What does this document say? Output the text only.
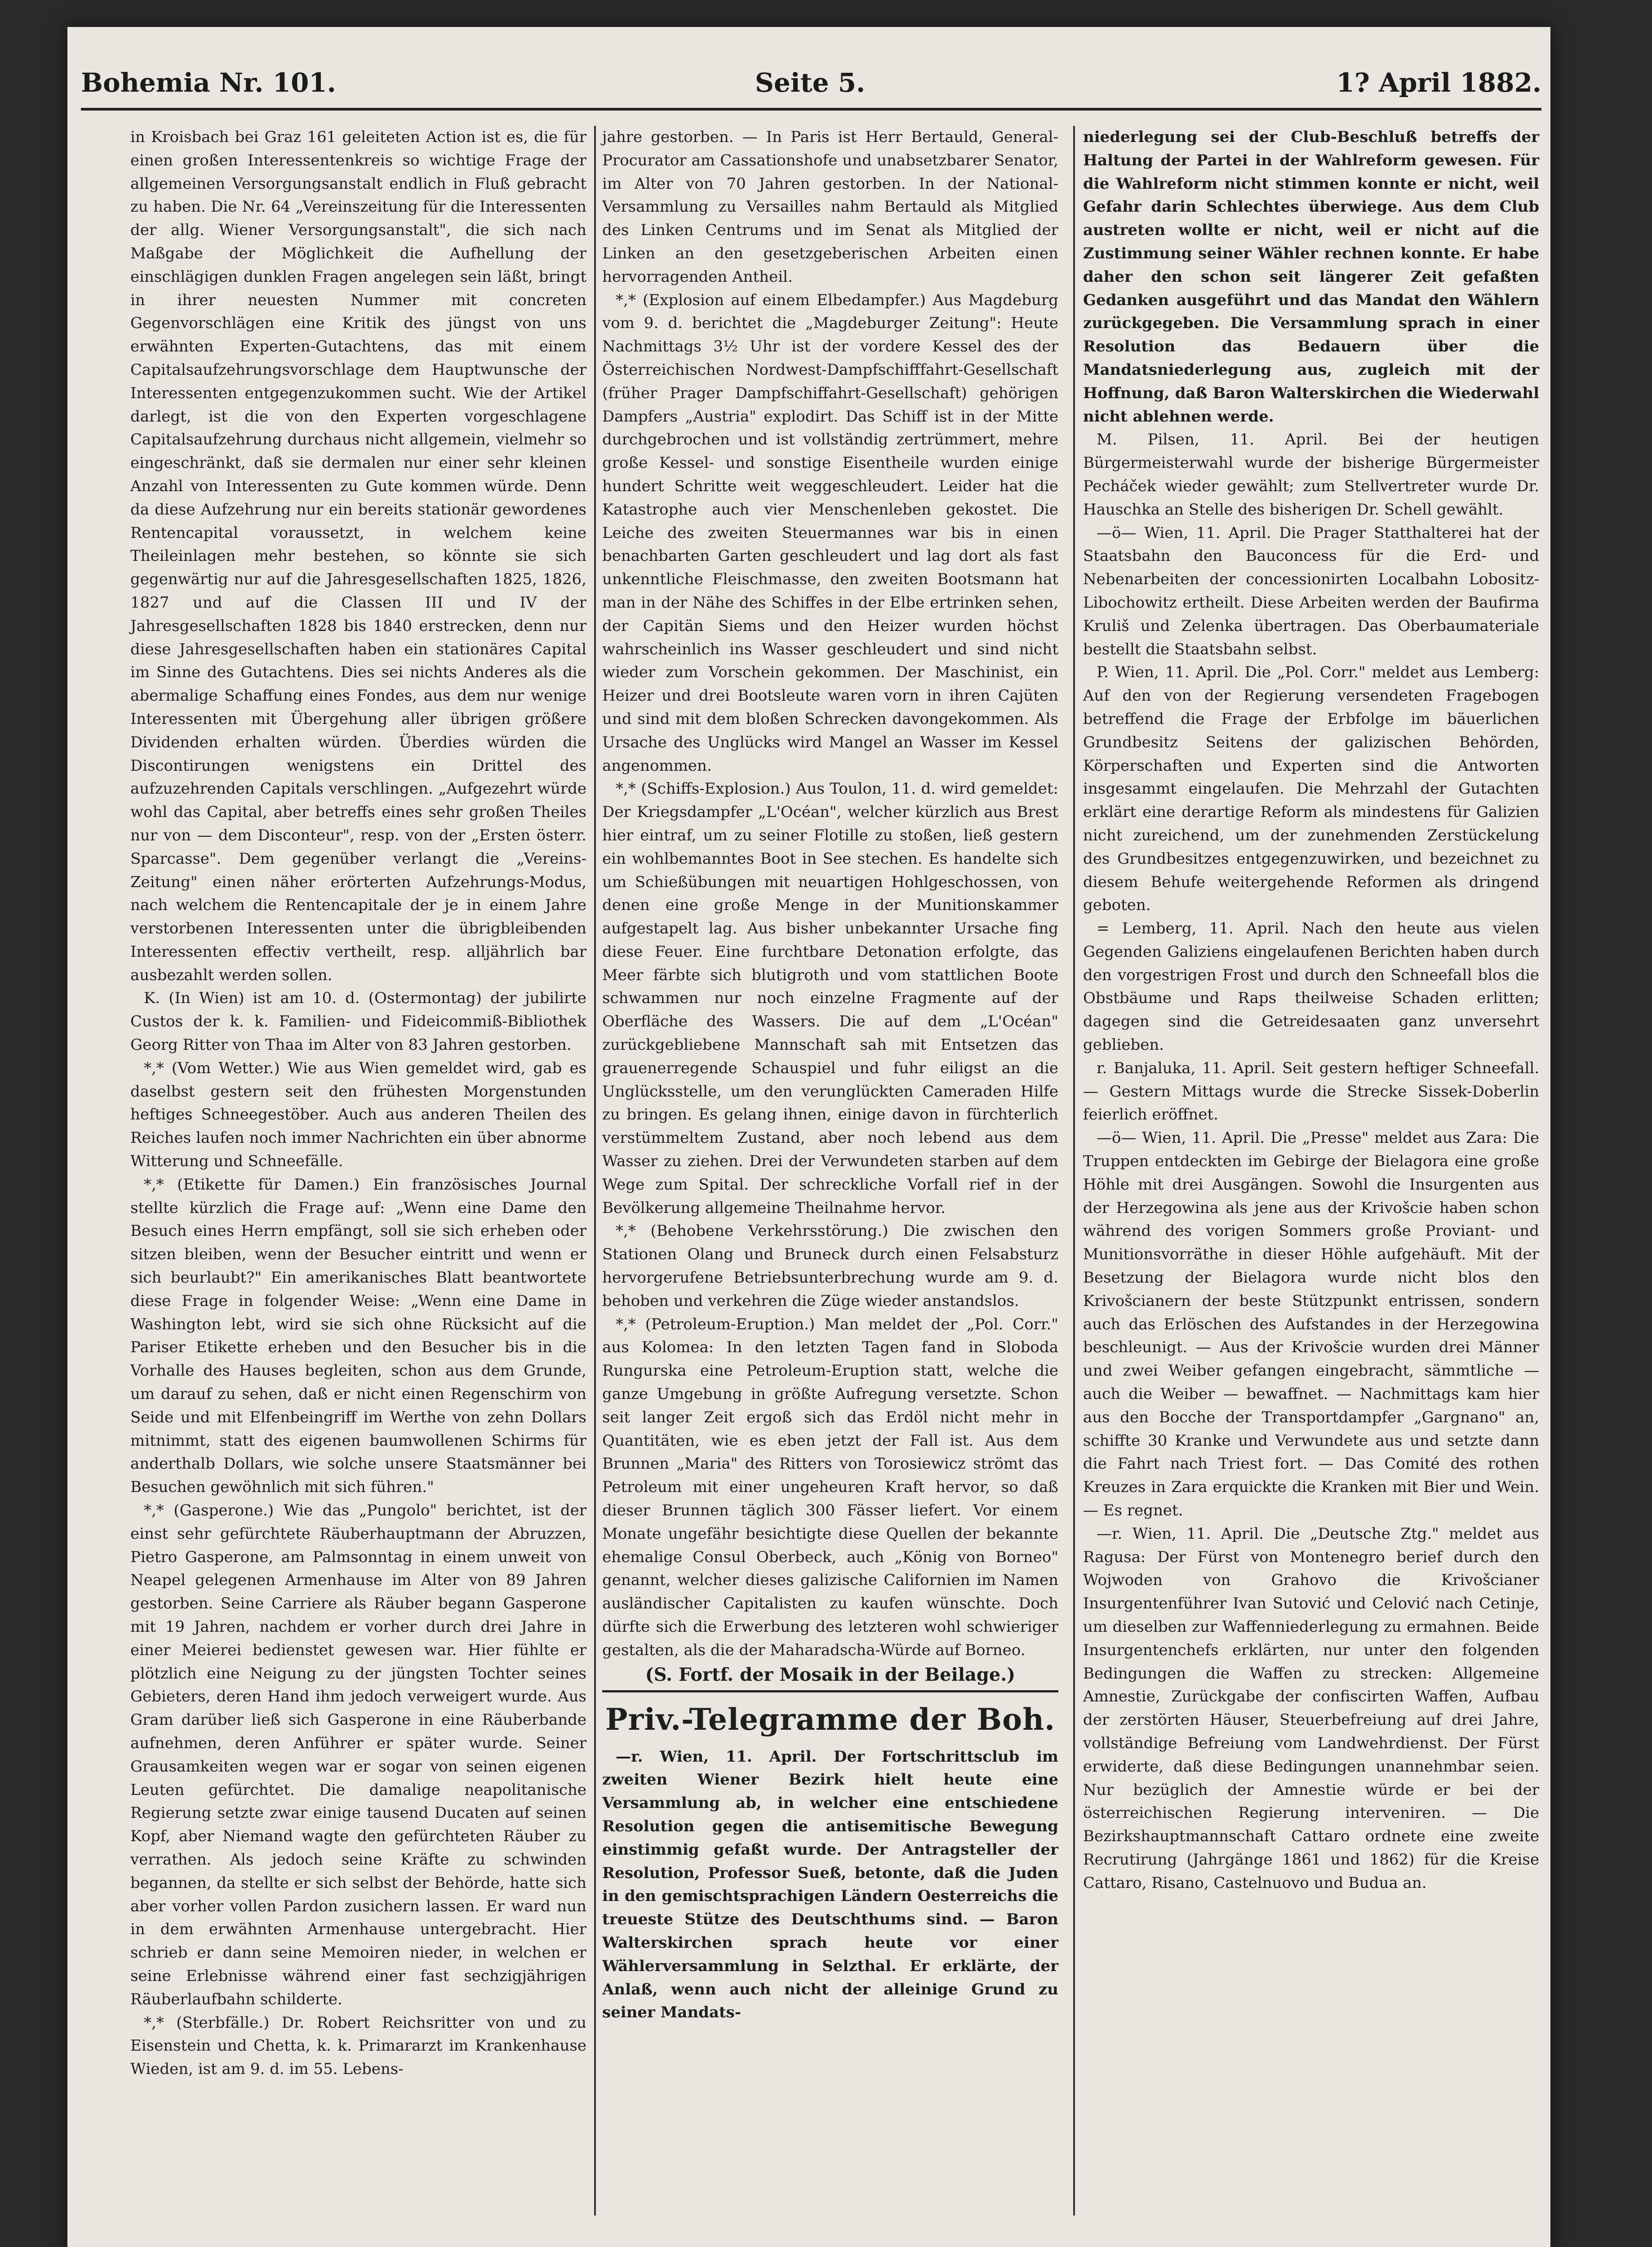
Bohemia Nr. 101.	Seite 5.	1? April 1882.

in Kroisbach bei Graz 161 geleiteten Action ist es, die für einen großen Interessentenkreis so wichtige Frage der allgemeinen Versorgungsanstalt endlich in Fluß gebracht zu haben. Die Nr. 64 „Vereinszeitung für die Interessenten der allg. Wiener Versorgungsanstalt", die sich nach Maßgabe der Möglichkeit die Aufhellung der einschlägigen dunklen Fragen angelegen sein läßt, bringt in ihrer neuesten Nummer mit concreten Gegenvorschlägen eine Kritik des jüngst von uns erwähnten Experten-Gutachtens, das mit einem Capitalsaufzehrungsvorschlage dem Hauptwunsche der Interessenten entgegenzukommen sucht. Wie der Artikel darlegt, ist die von den Experten vorgeschlagene Capitalsaufzehrung durchaus nicht allgemein, vielmehr so eingeschränkt, daß sie dermalen nur einer sehr kleinen Anzahl von Interessenten zu Gute kommen würde. Denn da diese Aufzehrung nur ein bereits stationär gewordenes Rentencapital voraussetzt, in welchem keine Theileinlagen mehr bestehen, so könnte sie sich gegenwärtig nur auf die Jahresgesellschaften 1825, 1826, 1827 und auf die Classen III und IV der Jahresgesellschaften 1828 bis 1840 erstrecken, denn nur diese Jahresgesellschaften haben ein stationäres Capital im Sinne des Gutachtens. Dies sei nichts Anderes als die abermalige Schaffung eines Fondes, aus dem nur wenige Interessenten mit Übergehung aller übrigen größere Dividenden erhalten würden. Überdies würden die Discontirungen wenigstens ein Drittel des aufzuzehrenden Capitals verschlingen. „Aufgezehrt würde wohl das Capital, aber betreffs eines sehr großen Theiles nur von — dem Disconteur", resp. von der „Ersten österr. Sparcasse". Dem gegenüber verlangt die „Vereins-Zeitung" einen näher erörterten Aufzehrungs-Modus, nach welchem die Rentencapitale der je in einem Jahre verstorbenen Interessenten unter die übrigbleibenden Interessenten effectiv vertheilt, resp. alljährlich bar ausbezahlt werden sollen.

K. (In Wien) ist am 10. d. (Ostermontag) der jubilirte Custos der k. k. Familien- und Fideicommiß-Bibliothek Georg Ritter von Thaa im Alter von 83 Jahren gestorben.

*,* (Vom Wetter.) Wie aus Wien gemeldet wird, gab es daselbst gestern seit den frühesten Morgenstunden heftiges Schneegestöber. Auch aus anderen Theilen des Reiches laufen noch immer Nachrichten ein über abnorme Witterung und Schneefälle.

*,* (Etikette für Damen.) Ein französisches Journal stellte kürzlich die Frage auf: „Wenn eine Dame den Besuch eines Herrn empfängt, soll sie sich erheben oder sitzen bleiben, wenn der Besucher eintritt und wenn er sich beurlaubt?" Ein amerikanisches Blatt beantwortete diese Frage in folgender Weise: „Wenn eine Dame in Washington lebt, wird sie sich ohne Rücksicht auf die Pariser Etikette erheben und den Besucher bis in die Vorhalle des Hauses begleiten, schon aus dem Grunde, um darauf zu sehen, daß er nicht einen Regenschirm von Seide und mit Elfenbeingriff im Werthe von zehn Dollars mitnimmt, statt des eigenen baumwollenen Schirms für anderthalb Dollars, wie solche unsere Staatsmänner bei Besuchen gewöhnlich mit sich führen."

*,* (Gasperone.) Wie das „Pungolo" berichtet, ist der einst sehr gefürchtete Räuberhauptmann der Abruzzen, Pietro Gasperone, am Palmsonntag in einem unweit von Neapel gelegenen Armenhause im Alter von 89 Jahren gestorben. Seine Carriere als Räuber begann Gasperone mit 19 Jahren, nachdem er vorher durch drei Jahre in einer Meierei bedienstet gewesen war. Hier fühlte er plötzlich eine Neigung zu der jüngsten Tochter seines Gebieters, deren Hand ihm jedoch verweigert wurde. Aus Gram darüber ließ sich Gasperone in eine Räuberbande aufnehmen, deren Anführer er später wurde. Seiner Grausamkeiten wegen war er sogar von seinen eigenen Leuten gefürchtet. Die damalige neapolitanische Regierung setzte zwar einige tausend Ducaten auf seinen Kopf, aber Niemand wagte den gefürchteten Räuber zu verrathen. Als jedoch seine Kräfte zu schwinden begannen, da stellte er sich selbst der Behörde, hatte sich aber vorher vollen Pardon zusichern lassen. Er ward nun in dem erwähnten Armenhause untergebracht. Hier schrieb er dann seine Memoiren nieder, in welchen er seine Erlebnisse während einer fast sechzigjährigen Räuberlaufbahn schilderte.

*,* (Sterbfälle.) Dr. Robert Reichsritter von und zu Eisenstein und Chetta, k. k. Primararzt im Krankenhause Wieden, ist am 9. d. im 55. Lebens-

jahre gestorben. — In Paris ist Herr Bertauld, General-Procurator am Cassationshofe und unabsetzbarer Senator, im Alter von 70 Jahren gestorben. In der National-Versammlung zu Versailles nahm Bertauld als Mitglied des Linken Centrums und im Senat als Mitglied der Linken an den gesetzgeberischen Arbeiten einen hervorragenden Antheil.

*,* (Explosion auf einem Elbedampfer.) Aus Magdeburg vom 9. d. berichtet die „Magdeburger Zeitung": Heute Nachmittags 3½ Uhr ist der vordere Kessel des der Österreichischen Nordwest-Dampfschifffahrt-Gesellschaft (früher Prager Dampfschiffahrt-Gesellschaft) gehörigen Dampfers „Austria" explodirt. Das Schiff ist in der Mitte durchgebrochen und ist vollständig zertrümmert, mehre große Kessel- und sonstige Eisentheile wurden einige hundert Schritte weit weggeschleudert. Leider hat die Katastrophe auch vier Menschenleben gekostet. Die Leiche des zweiten Steuermannes war bis in einen benachbarten Garten geschleudert und lag dort als fast unkenntliche Fleischmasse, den zweiten Bootsmann hat man in der Nähe des Schiffes in der Elbe ertrinken sehen, der Capitän Siems und den Heizer wurden höchst wahrscheinlich ins Wasser geschleudert und sind nicht wieder zum Vorschein gekommen. Der Maschinist, ein Heizer und drei Bootsleute waren vorn in ihren Cajüten und sind mit dem bloßen Schrecken davongekommen. Als Ursache des Unglücks wird Mangel an Wasser im Kessel angenommen.

*,* (Schiffs-Explosion.) Aus Toulon, 11. d. wird gemeldet: Der Kriegsdampfer „L'Océan", welcher kürzlich aus Brest hier eintraf, um zu seiner Flotille zu stoßen, ließ gestern ein wohlbemanntes Boot in See stechen. Es handelte sich um Schießübungen mit neuartigen Hohlgeschossen, von denen eine große Menge in der Munitionskammer aufgestapelt lag. Aus bisher unbekannter Ursache fing diese Feuer. Eine furchtbare Detonation erfolgte, das Meer färbte sich blutigroth und vom stattlichen Boote schwammen nur noch einzelne Fragmente auf der Oberfläche des Wassers. Die auf dem „L'Océan" zurückgebliebene Mannschaft sah mit Entsetzen das grauenerregende Schauspiel und fuhr eiligst an die Unglücksstelle, um den verunglückten Cameraden Hilfe zu bringen. Es gelang ihnen, einige davon in fürchterlich verstümmeltem Zustand, aber noch lebend aus dem Wasser zu ziehen. Drei der Verwundeten starben auf dem Wege zum Spital. Der schreckliche Vorfall rief in der Bevölkerung allgemeine Theilnahme hervor.

*,* (Behobene Verkehrsstörung.) Die zwischen den Stationen Olang und Bruneck durch einen Felsabsturz hervorgerufene Betriebsunterbrechung wurde am 9. d. behoben und verkehren die Züge wieder anstandslos.

*,* (Petroleum-Eruption.) Man meldet der „Pol. Corr." aus Kolomea: In den letzten Tagen fand in Sloboda Rungurska eine Petroleum-Eruption statt, welche die ganze Umgebung in größte Aufregung versetzte. Schon seit langer Zeit ergoß sich das Erdöl nicht mehr in Quantitäten, wie es eben jetzt der Fall ist. Aus dem Brunnen „Maria" des Ritters von Torosiewicz strömt das Petroleum mit einer ungeheuren Kraft hervor, so daß dieser Brunnen täglich 300 Fässer liefert. Vor einem Monate ungefähr besichtigte diese Quellen der bekannte ehemalige Consul Oberbeck, auch „König von Borneo" genannt, welcher dieses galizische Californien im Namen ausländischer Capitalisten zu kaufen wünschte. Doch dürfte sich die Erwerbung des letzteren wohl schwieriger gestalten, als die der Maharadscha-Würde auf Borneo.

(S. Fortf. der Mosaik in der Beilage.)

Priv.-Telegramme der Boh.

—r. Wien, 11. April. Der Fortschrittsclub im zweiten Wiener Bezirk hielt heute eine Versammlung ab, in welcher eine entschiedene Resolution gegen die antisemitische Bewegung einstimmig gefaßt wurde. Der Antragsteller der Resolution, Professor Sueß, betonte, daß die Juden in den gemischtsprachigen Ländern Oesterreichs die treueste Stütze des Deutschthums sind. — Baron Walterskirchen sprach heute vor einer Wählerversammlung in Selzthal. Er erklärte, der Anlaß, wenn auch nicht der alleinige Grund zu seiner Mandats-

niederlegung sei der Club-Beschluß betreffs der Haltung der Partei in der Wahlreform gewesen. Für die Wahlreform nicht stimmen konnte er nicht, weil Gefahr darin Schlechtes überwiege. Aus dem Club austreten wollte er nicht, weil er nicht auf die Zustimmung seiner Wähler rechnen konnte. Er habe daher den schon seit längerer Zeit gefaßten Gedanken ausgeführt und das Mandat den Wählern zurückgegeben. Die Versammlung sprach in einer Resolution das Bedauern über die Mandatsniederlegung aus, zugleich mit der Hoffnung, daß Baron Walterskirchen die Wiederwahl nicht ablehnen werde.

M. Pilsen, 11. April. Bei der heutigen Bürgermeisterwahl wurde der bisherige Bürgermeister Pecháček wieder gewählt; zum Stellvertreter wurde Dr. Hauschka an Stelle des bisherigen Dr. Schell gewählt.

—ö— Wien, 11. April. Die Prager Statthalterei hat der Staatsbahn den Bauconcess für die Erd- und Nebenarbeiten der concessionirten Localbahn Lobositz-Libochowitz ertheilt. Diese Arbeiten werden der Baufirma Kruliš und Zelenka übertragen. Das Oberbaumateriale bestellt die Staatsbahn selbst.

P. Wien, 11. April. Die „Pol. Corr." meldet aus Lemberg: Auf den von der Regierung versendeten Fragebogen betreffend die Frage der Erbfolge im bäuerlichen Grundbesitz Seitens der galizischen Behörden, Körperschaften und Experten sind die Antworten insgesammt eingelaufen. Die Mehrzahl der Gutachten erklärt eine derartige Reform als mindestens für Galizien nicht zureichend, um der zunehmenden Zerstückelung des Grundbesitzes entgegenzuwirken, und bezeichnet zu diesem Behufe weitergehende Reformen als dringend geboten.

= Lemberg, 11. April. Nach den heute aus vielen Gegenden Galiziens eingelaufenen Berichten haben durch den vorgestrigen Frost und durch den Schneefall blos die Obstbäume und Raps theilweise Schaden erlitten; dagegen sind die Getreidesaaten ganz unversehrt geblieben.

r. Banjaluka, 11. April. Seit gestern heftiger Schneefall. — Gestern Mittags wurde die Strecke Sissek-Doberlin feierlich eröffnet.

—ö— Wien, 11. April. Die „Presse" meldet aus Zara: Die Truppen entdeckten im Gebirge der Bielagora eine große Höhle mit drei Ausgängen. Sowohl die Insurgenten aus der Herzegowina als jene aus der Krivošcie haben schon während des vorigen Sommers große Proviant- und Munitionsvorräthe in dieser Höhle aufgehäuft. Mit der Besetzung der Bielagora wurde nicht blos den Krivošcianern der beste Stützpunkt entrissen, sondern auch das Erlöschen des Aufstandes in der Herzegowina beschleunigt. — Aus der Krivošcie wurden drei Männer und zwei Weiber gefangen eingebracht, sämmtliche — auch die Weiber — bewaffnet. — Nachmittags kam hier aus den Bocche der Transportdampfer „Gargnano" an, schiffte 30 Kranke und Verwundete aus und setzte dann die Fahrt nach Triest fort. — Das Comité des rothen Kreuzes in Zara erquickte die Kranken mit Bier und Wein. — Es regnet.

—r. Wien, 11. April. Die „Deutsche Ztg." meldet aus Ragusa: Der Fürst von Montenegro berief durch den Wojwoden von Grahovo die Krivošcianer Insurgentenführer Ivan Sutović und Celović nach Cetinje, um dieselben zur Waffenniederlegung zu ermahnen. Beide Insurgentenchefs erklärten, nur unter den folgenden Bedingungen die Waffen zu strecken: Allgemeine Amnestie, Zurückgabe der confiscirten Waffen, Aufbau der zerstörten Häuser, Steuerbefreiung auf drei Jahre, vollständige Befreiung vom Landwehrdienst. Der Fürst erwiderte, daß diese Bedingungen unannehmbar seien. Nur bezüglich der Amnestie würde er bei der österreichischen Regierung interveniren. — Die Bezirkshauptmannschaft Cattaro ordnete eine zweite Recrutirung (Jahrgänge 1861 und 1862) für die Kreise Cattaro, Risano, Castelnuovo und Budua an.
